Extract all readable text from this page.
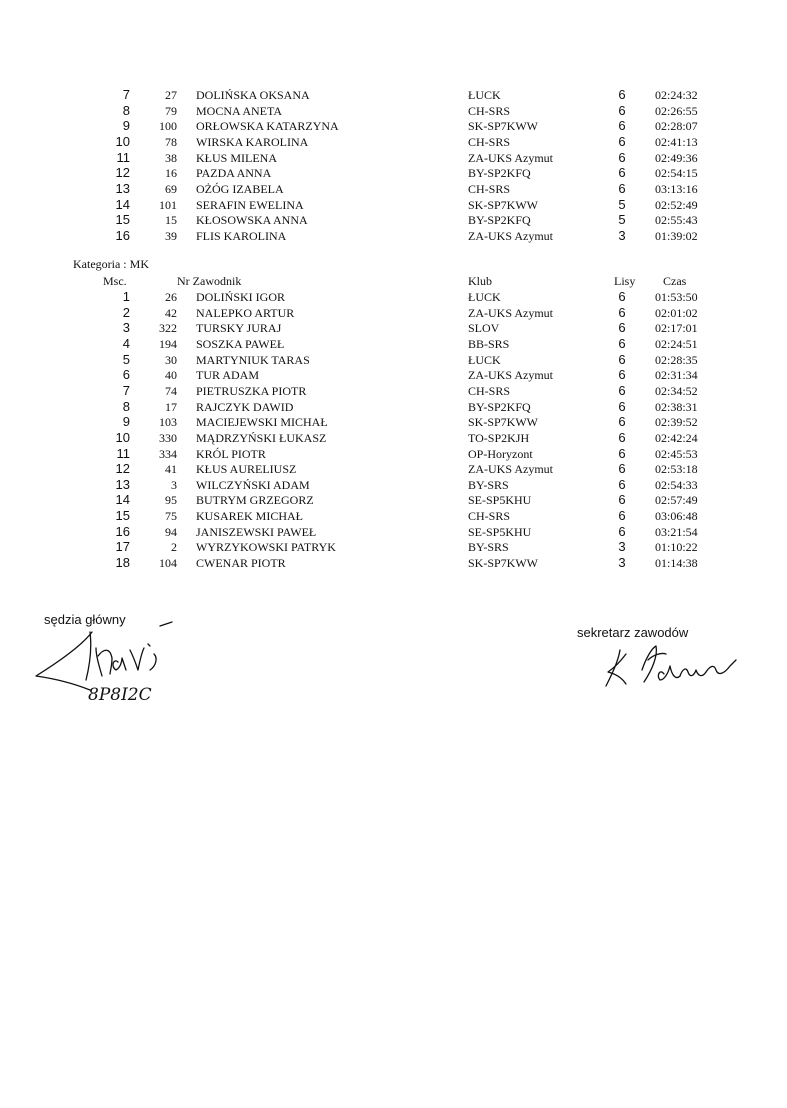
7	27 DOLIŃSKA OKSANA	ŁUCK	6	02:24:32
8	79 MOCNA ANETA	CH-SRS	6	02:26:55
9	100 ORŁOWSKA KATARZYNA	SK-SP7KWW	6	02:28:07
10	78 WIRSKA KAROLINA	CH-SRS	6	02:41:13
11	38 KŁUS MILENA	ZA-UKS Azymut	6	02:49:36
12	16 PAZDA ANNA	BY-SP2KFQ	6	02:54:15
13	69 OŻÓG IZABELA	CH-SRS	6	03:13:16
14	101 SERAFIN EWELINA	SK-SP7KWW	5	02:52:49
15	15 KŁOSOWSKA ANNA	BY-SP2KFQ	5	02:55:43
16	39 FLIS KAROLINA	ZA-UKS Azymut	3	01:39:02
Kategoria : MK
Msc.	Nr Zawodnik	Klub	Lisy Czas
1	26 DOLIŃSKI IGOR	ŁUCK	6	01:53:50
2	42 NALEPKO ARTUR	ZA-UKS Azymut	6	02:01:02
3	322 TURSKY JURAJ	SLOV	6	02:17:01
4	194 SOSZKA PAWEŁ	BB-SRS	6	02:24:51
5	30 MARTYNIUK TARAS	ŁUCK	6	02:28:35
6	40 TUR ADAM	ZA-UKS Azymut	6	02:31:34
7	74 PIETRUSZKA PIOTR	CH-SRS	6	02:34:52
8	17 RAJCZYK DAWID	BY-SP2KFQ	6	02:38:31
9	103 MACIEJEWSKI MICHAŁ	SK-SP7KWW	6	02:39:52
10	330 MĄDRZYŃSKI ŁUKASZ	TO-SP2KJH	6	02:42:24
11	334 KRÓL PIOTR	OP-Horyzont	6	02:45:53
12	41 KŁUS AURELIUSZ	ZA-UKS Azymut	6	02:53:18
13	3 WILCZYŃSKI ADAM	BY-SRS	6	02:54:33
14	95 BUTRYM GRZEGORZ	SE-SP5KHU	6	02:57:49
15	75 KUSAREK MICHAŁ	CH-SRS	6	03:06:48
16	94 JANISZEWSKI PAWEŁ	SE-SP5KHU	6	03:21:54
17	2 WYRZYKOWSKI PATRYK	BY-SRS	3	01:10:22
18	104 CWENAR PIOTR	SK-SP7KWW	3	01:14:38
sędzia główny
8P8I2C
sekretarz zawodów
